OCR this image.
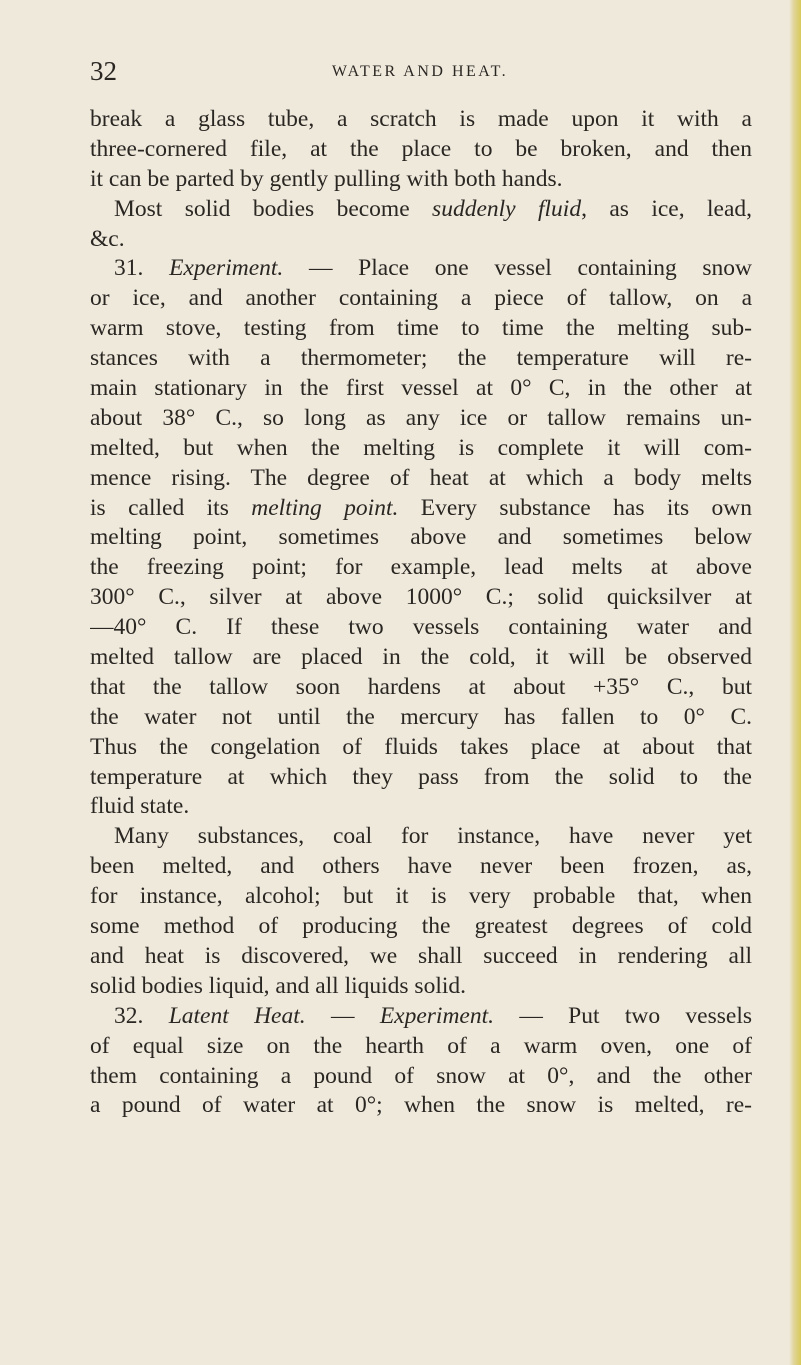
32	WATER AND HEAT.
break a glass tube, a scratch is made upon it with a
three-cornered file, at the place to be broken, and then
it can be parted by gently pulling with both hands.
Most solid bodies become suddenly fluid, as ice, lead,
&c.
31. Experiment. — Place one vessel containing snow
or ice, and another containing a piece of tallow, on a
warm stove, testing from time to time the melting sub-
stances with a thermometer; the temperature will re-
main stationary in the first vessel at 0° C, in the other at
about 38° C., so long as any ice or tallow remains un-
melted, but when the melting is complete it will com-
mence rising. The degree of heat at which a body melts
is called its melting point. Every substance has its own
melting point, sometimes above and sometimes below
the freezing point; for example, lead melts at above
300° C., silver at above 1000° C.; solid quicksilver at
—40° C. If these two vessels containing water and
melted tallow are placed in the cold, it will be observed
that the tallow soon hardens at about +35° C., but
the water not until the mercury has fallen to 0° C.
Thus the congelation of fluids takes place at about that
temperature at which they pass from the solid to the
fluid state.
Many substances, coal for instance, have never yet
been melted, and others have never been frozen, as,
for instance, alcohol; but it is very probable that, when
some method of producing the greatest degrees of cold
and heat is discovered, we shall succeed in rendering all
solid bodies liquid, and all liquids solid.
32. Latent Heat. — Experiment. — Put two vessels
of equal size on the hearth of a warm oven, one of
them containing a pound of snow at 0°, and the other
a pound of water at 0°; when the snow is melted, re-
